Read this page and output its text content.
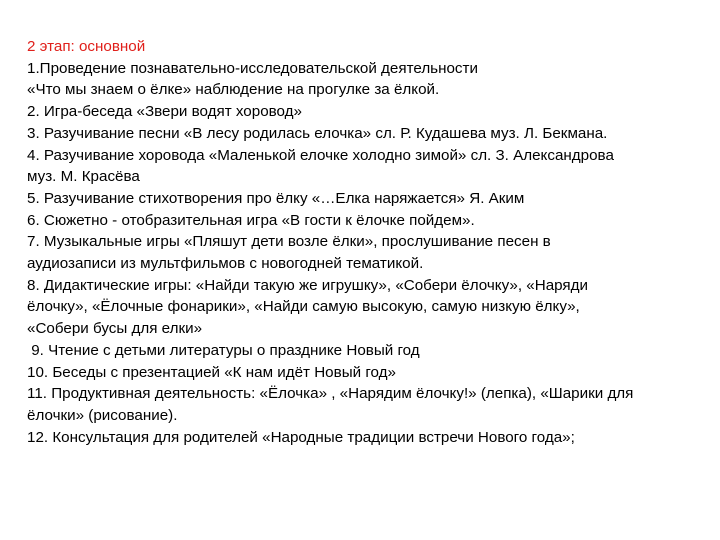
2 этап: основной
1.Проведение познавательно-исследовательской деятельности
«Что мы знаем о ёлке» наблюдение на прогулке за ёлкой.
2. Игра-беседа «Звери водят хоровод»
3. Разучивание песни «В лесу родилась елочка» сл. Р. Кудашева муз. Л. Бекмана.
4. Разучивание хоровода «Маленькой елочке холодно зимой» сл. З. Александрова
муз. М. Красёва
5. Разучивание стихотворения про ёлку «…Елка наряжается» Я. Аким
6. Сюжетно - отобразительная игра «В гости к ёлочке пойдем».
7. Музыкальные игры «Пляшут дети возле ёлки», прослушивание песен в
аудиозаписи из мультфильмов с новогодней тематикой.
8. Дидактические игры: «Найди такую же игрушку», «Собери ёлочку», «Наряди
ёлочку», «Ёлочные фонарики», «Найди самую высокую, самую низкую ёлку»,
«Собери бусы для елки»
9. Чтение с детьми литературы о празднике Новый год
10. Беседы с презентацией «К нам идёт Новый год»
11. Продуктивная деятельность: «Ёлочка» , «Нарядим ёлочку!» (лепка), «Шарики для
ёлочки» (рисование).
12. Консультация для родителей «Народные традиции встречи Нового года»;
